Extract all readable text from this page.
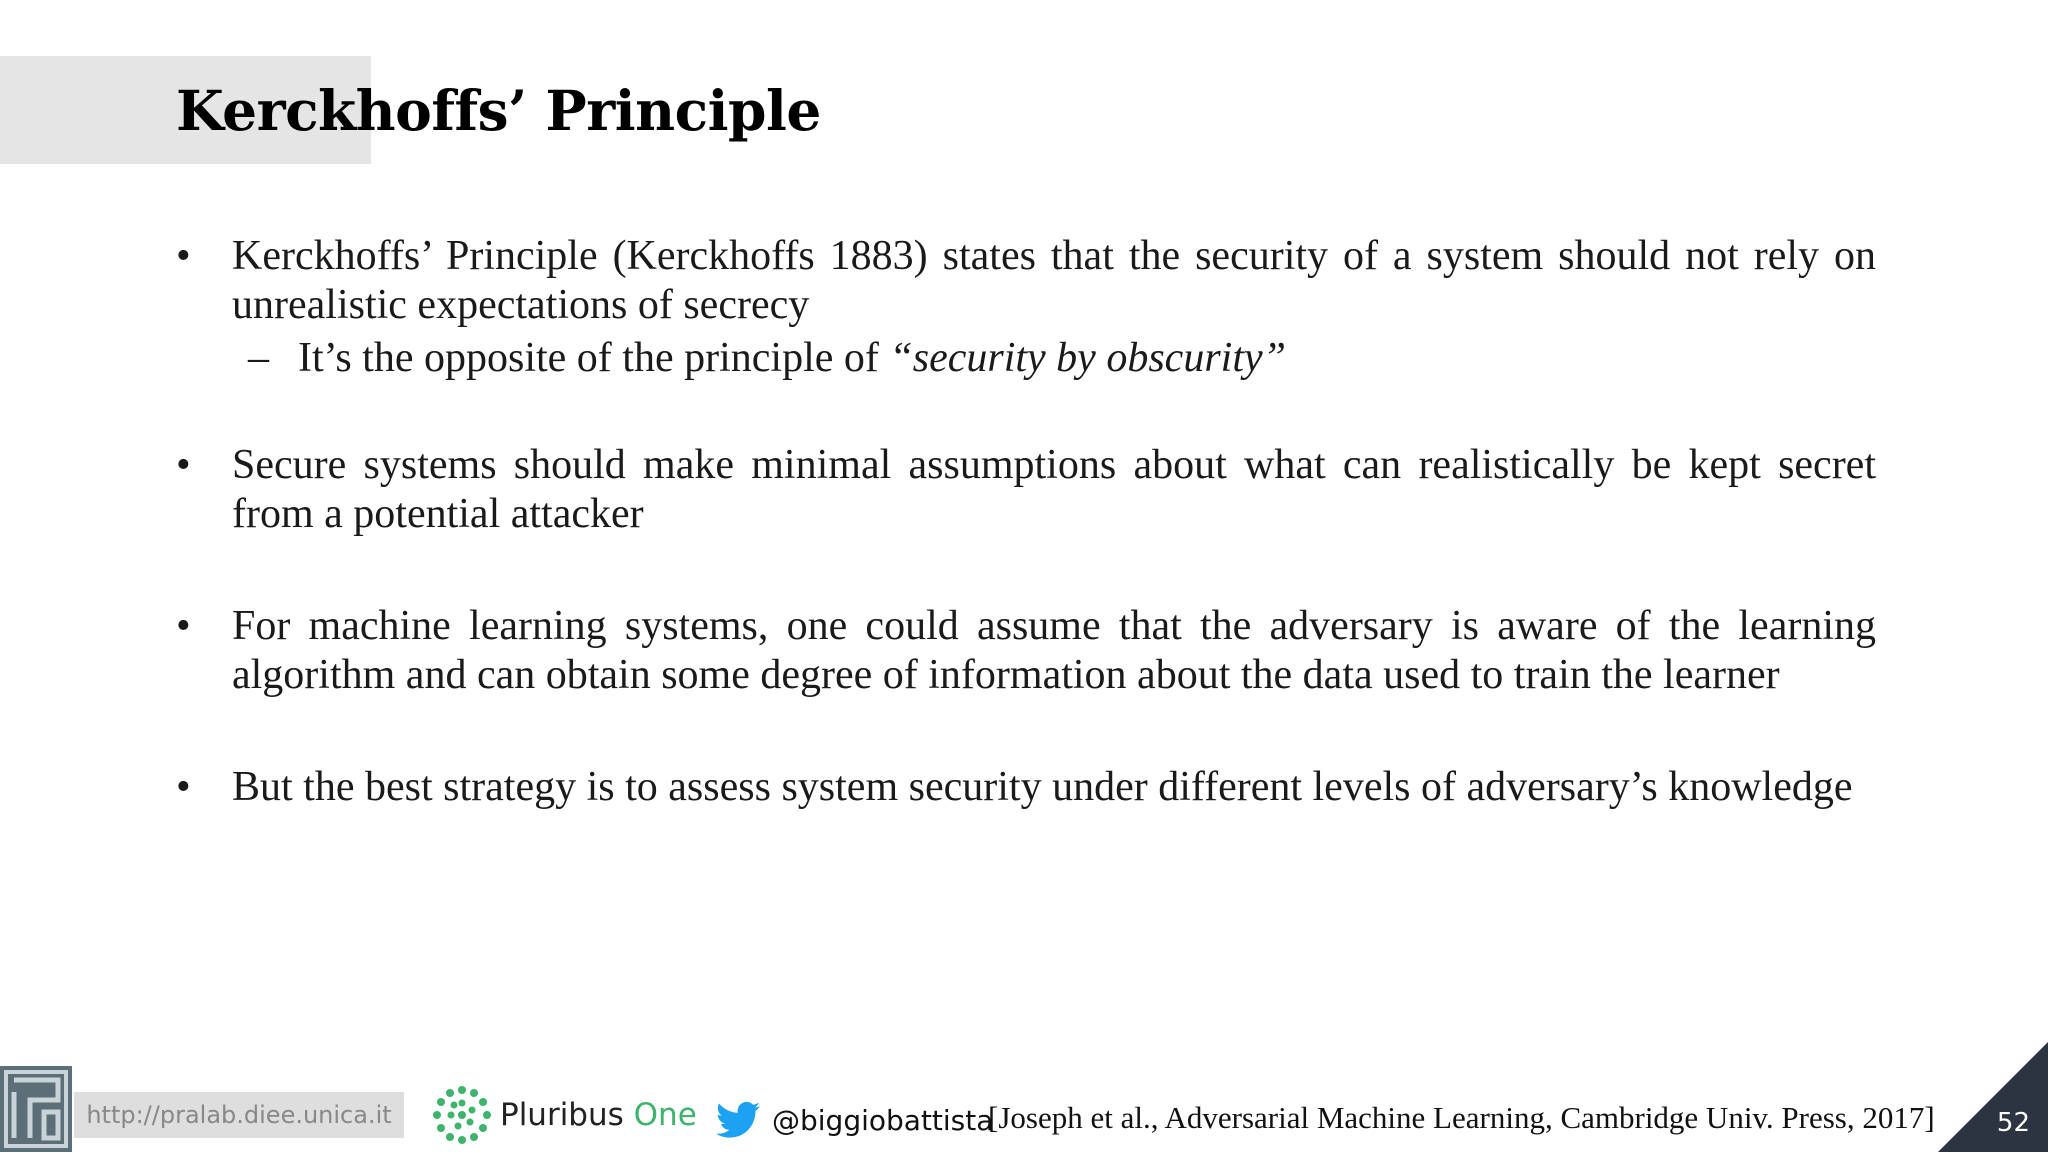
Kerckhoffs’ Principle
• Kerckhoffs’ Principle (Kerckhoffs 1883) states that the security of a system should not rely on unrealistic expectations of secrecy
– It’s the opposite of the principle of “security by obscurity”
• Secure systems should make minimal assumptions about what can realistically be kept secret from a potential attacker
• For machine learning systems, one could assume that the adversary is aware of the learning algorithm and can obtain some degree of information about the data used to train the learner
• But the best strategy is to assess system security under different levels of adversary’s knowledge
http://pralab.diee.unica.it	Pluribus One	@biggiobattista
[Joseph et al., Adversarial Machine Learning, Cambridge Univ. Press, 2017] 52
